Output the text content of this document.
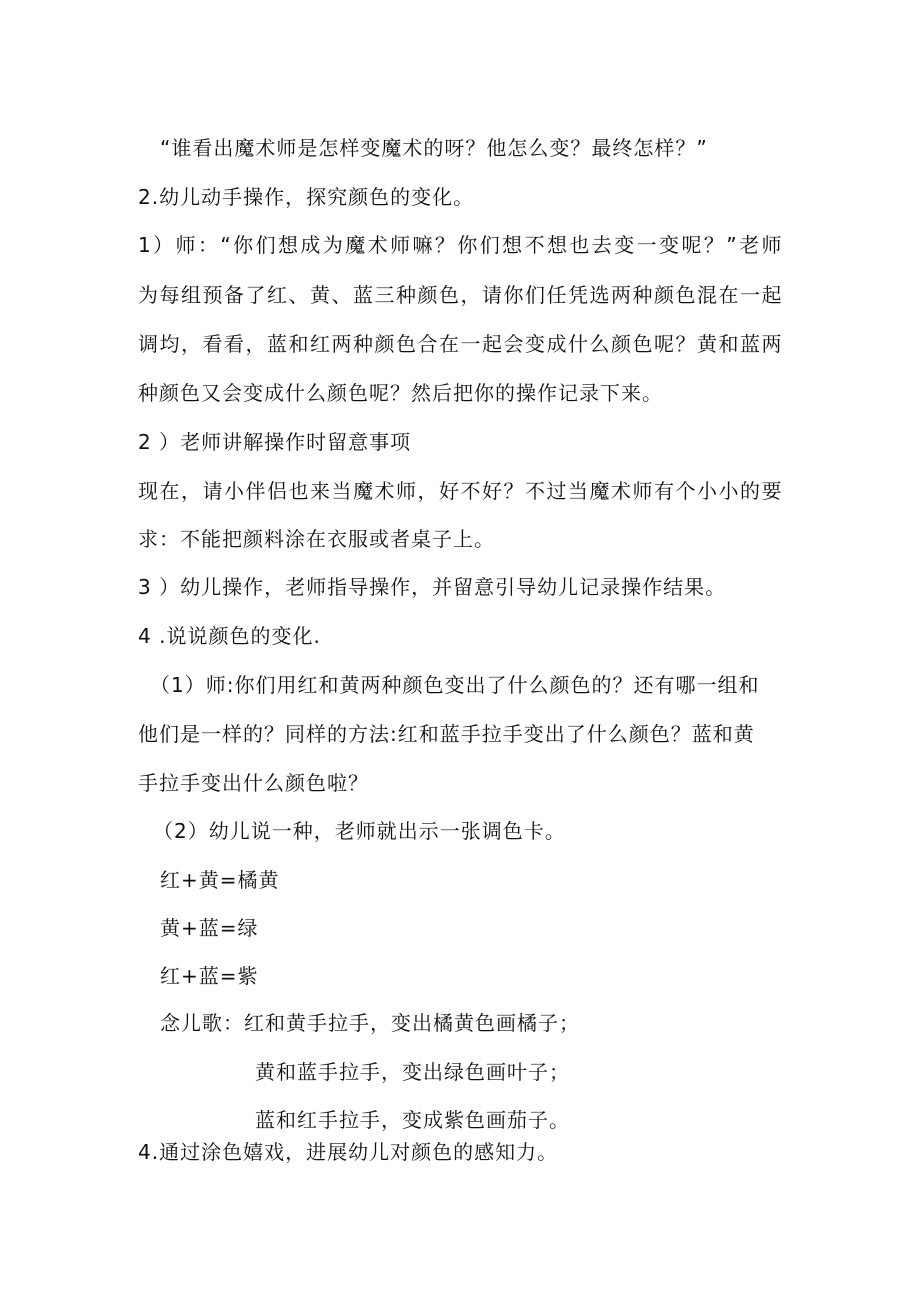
“谁看出魔术师是怎样变魔术的呀？他怎么变？最终怎样？”
2.幼儿动手操作，探究颜色的变化。
1）师：“你们想成为魔术师嘛？你们想不想也去变一变呢？”老师
为每组预备了红、黄、蓝三种颜色，请你们任凭选两种颜色混在一起
调均，看看，蓝和红两种颜色合在一起会变成什么颜色呢？黄和蓝两
种颜色又会变成什么颜色呢？然后把你的操作记录下来。
2 ）老师讲解操作时留意事项
现在，请小伴侣也来当魔术师，好不好？不过当魔术师有个小小的要
求：不能把颜料涂在衣服或者桌子上。
3 ）幼儿操作，老师指导操作，并留意引导幼儿记录操作结果。
4 .说说颜色的变化.
（1）师:你们用红和黄两种颜色变出了什么颜色的？还有哪一组和
他们是一样的？同样的方法:红和蓝手拉手变出了什么颜色？蓝和黄
手拉手变出什么颜色啦？
（2）幼儿说一种，老师就出示一张调色卡。
红+黄=橘黄
黄+蓝=绿
红+蓝=紫
念儿歌：红和黄手拉手，变出橘黄色画橘子；
黄和蓝手拉手，变出绿色画叶子；
蓝和红手拉手，变成紫色画茄子。
4.通过涂色嬉戏，进展幼儿对颜色的感知力。
